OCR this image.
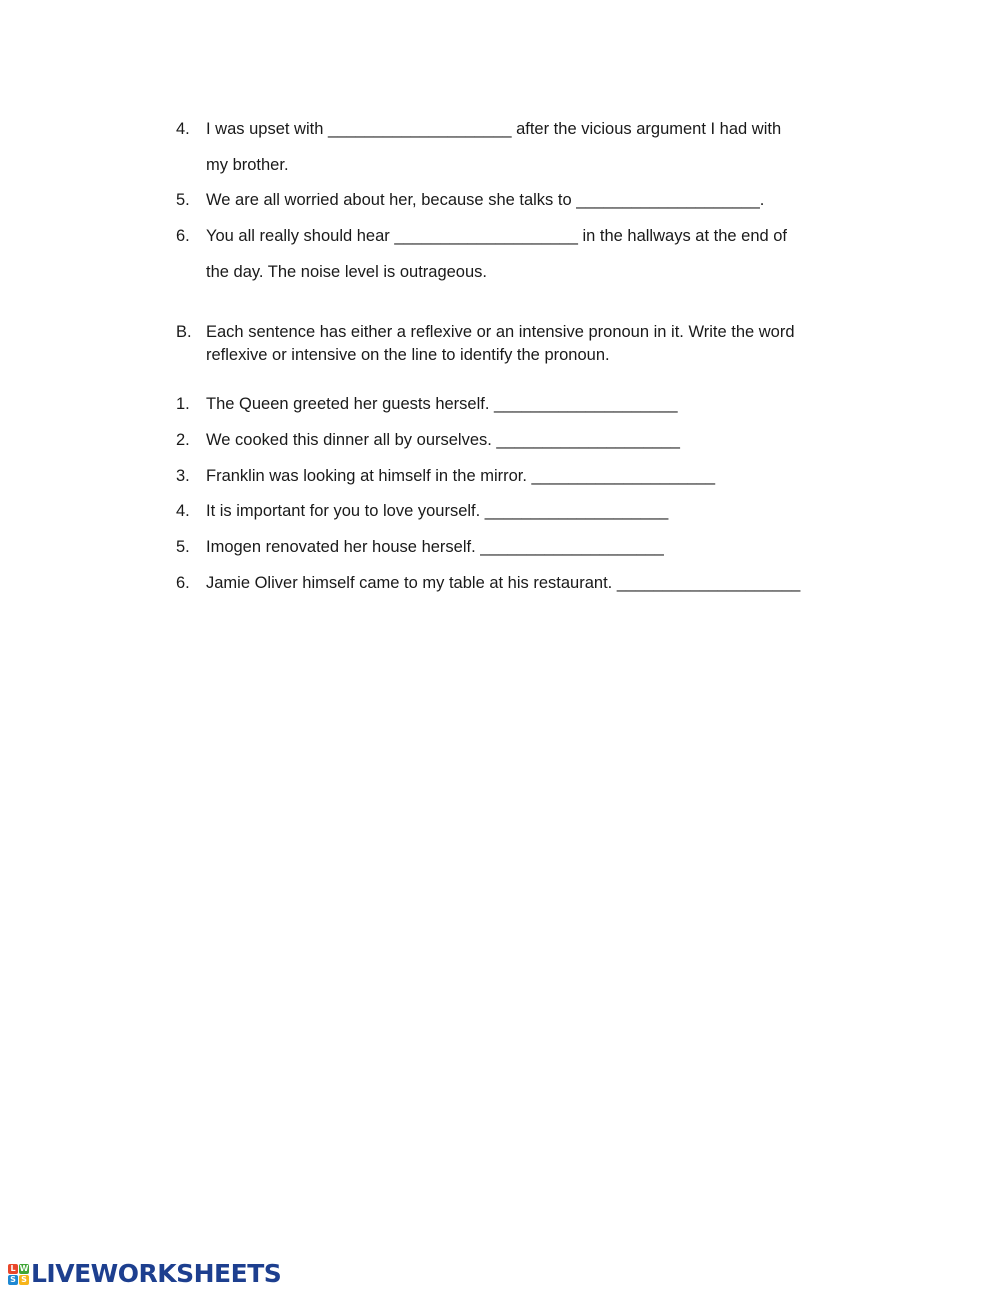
4. I was upset with ____________________ after the vicious argument I had with
my brother.
5. We are all worried about her, because she talks to ____________________.
6. You all really should hear ____________________ in the hallways at the end of
the day. The noise level is outrageous.
B. Each sentence has either a reflexive or an intensive pronoun in it. Write the word
reflexive or intensive on the line to identify the pronoun.
1. The Queen greeted her guests herself. ____________________
2. We cooked this dinner all by ourselves. ____________________
3. Franklin was looking at himself in the mirror. ____________________
4. It is important for you to love yourself. ____________________
5. Imogen renovated her house herself. ____________________
6. Jamie Oliver himself came to my table at his restaurant. ____________________
L W
S S LIVEWORKSHEETS
